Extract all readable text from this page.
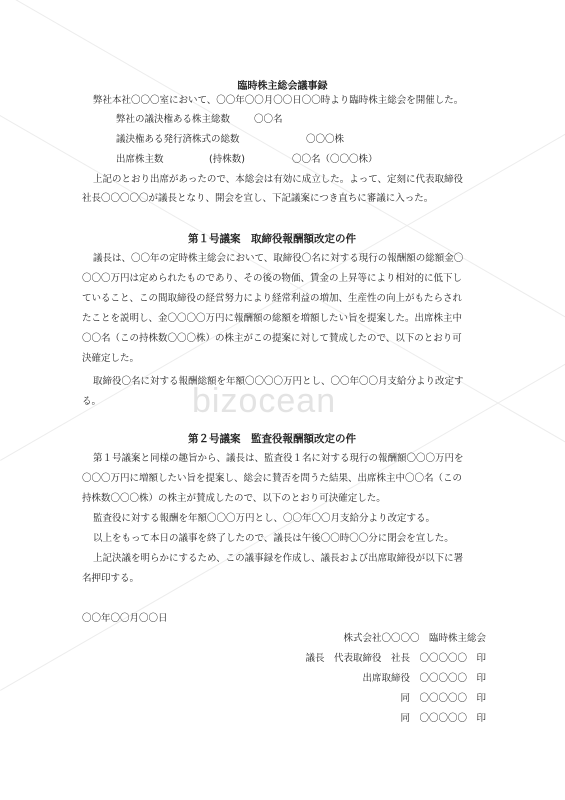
bizocean
臨時株主総会議事録
弊社本社〇〇〇室において、〇〇年〇〇月〇〇日〇〇時より臨時株主総会を開催した。
弊社の議決権ある株主総数	〇〇名
議決権ある発行済株式の総数	〇〇〇株
出席株主数	(持株数)	〇〇名（〇〇〇株）
上記のとおり出席があったので、本総会は有効に成立した。よって、定刻に代表取締役
社長〇〇〇〇〇が議長となり、開会を宣し、下記議案につき直ちに審議に入った。
第１号議案　取締役報酬額改定の件
議長は、〇〇年の定時株主総会において、取締役〇名に対する現行の報酬額の総額金〇
〇〇〇万円は定められたものであり、その後の物価、賃金の上昇等により相対的に低下し
ていること、この間取締役の経営努力により経常利益の増加、生産性の向上がもたらされ
たことを説明し、金〇〇〇〇万円に報酬額の総額を増額したい旨を提案した。出席株主中
〇〇名（この持株数〇〇〇株）の株主がこの提案に対して賛成したので、以下のとおり可
決確定した。
取締役〇名に対する報酬総額を年額〇〇〇〇万円とし、〇〇年〇〇月支給分より改定す
る。
第２号議案　監査役報酬額改定の件
第１号議案と同様の趣旨から、議長は、監査役１名に対する現行の報酬額〇〇〇万円を
〇〇〇万円に増額したい旨を提案し、総会に賛否を問うた結果、出席株主中〇〇名（この
持株数〇〇〇株）の株主が賛成したので、以下のとおり可決確定した。
監査役に対する報酬を年額〇〇〇万円とし、〇〇年〇〇月支給分より改定する。
以上をもって本日の議事を終了したので、議長は午後〇〇時〇〇分に閉会を宣した。
上記決議を明らかにするため、この議事録を作成し、議長および出席取締役が以下に署
名押印する。
〇〇年〇〇月〇〇日
株式会社〇〇〇〇　臨時株主総会
議長　代表取締役　社長　〇〇〇〇〇　印
出席取締役　〇〇〇〇〇　印
同　〇〇〇〇〇　印
同　〇〇〇〇〇　印
